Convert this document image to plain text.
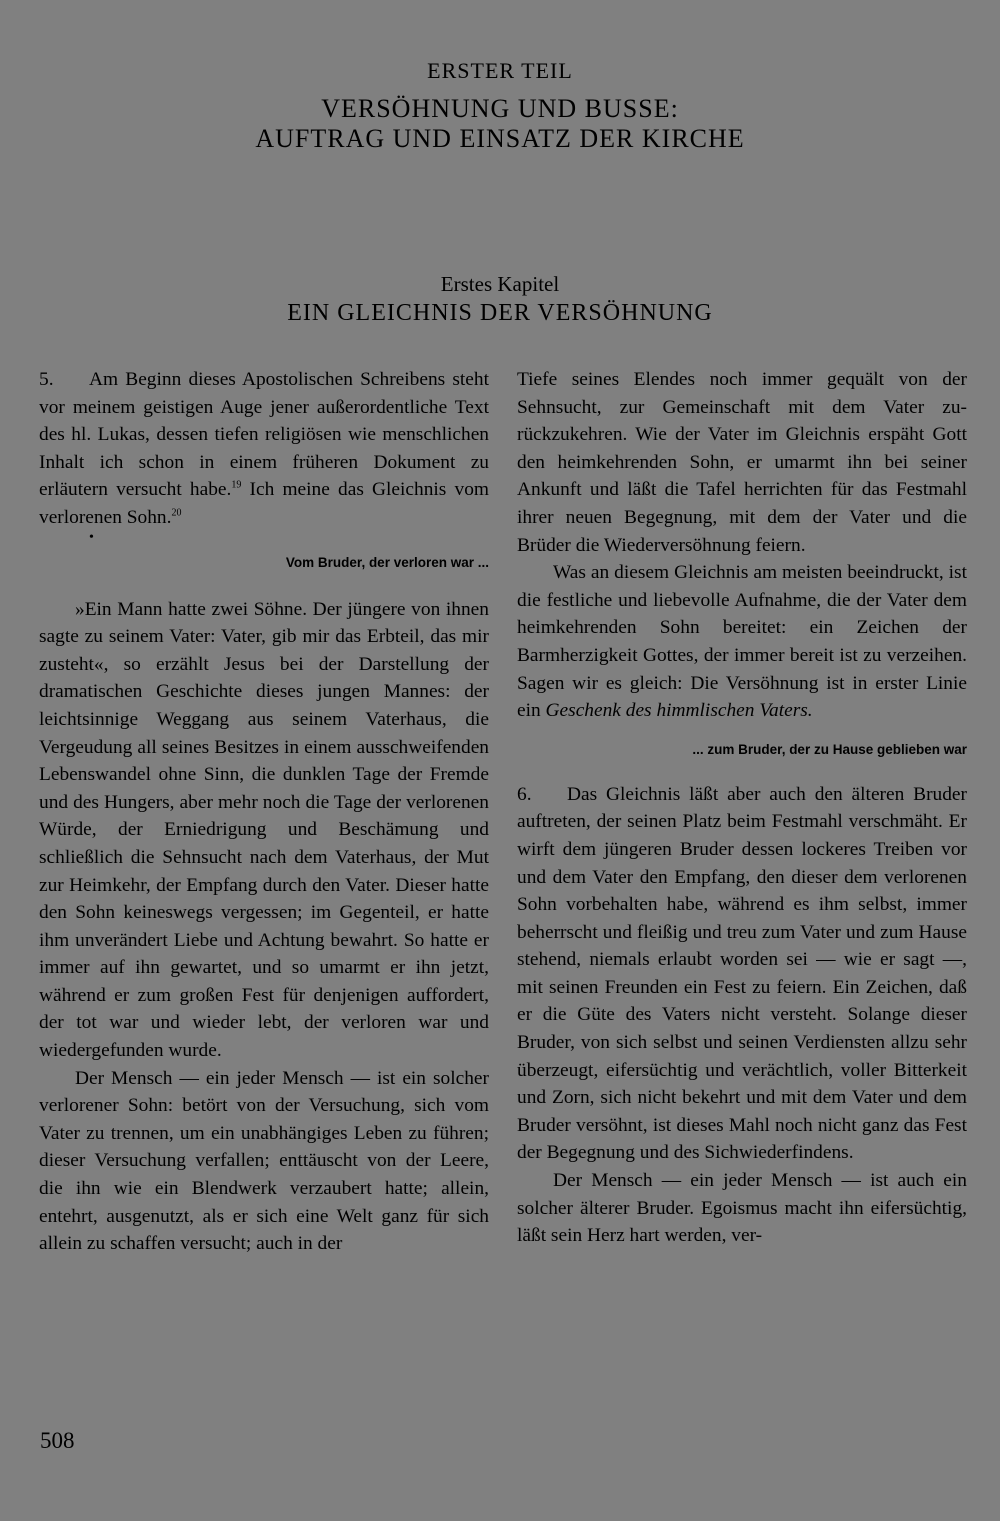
ERSTER TEIL
VERSÖHNUNG UND BUSSE:
AUFTRAG UND EINSATZ DER KIRCHE
Erstes Kapitel
EIN GLEICHNIS DER VERSÖHNUNG

5. Am Beginn dieses Apostolischen Schreibens steht vor meinem geistigen Auge jener außerordentliche Text des hl. Lukas, dessen tiefen religiösen wie menschlichen Inhalt ich schon in einem früheren Dokument zu erläutern versucht habe.$^{19}$ Ich meine das Gleichnis vom verlorenen Sohn.$^{20}$

•
Vom Bruder, der verloren war ...

»Ein Mann hatte zwei Söhne. Der jüngere von ihnen sagte zu seinem Vater: Vater, gib mir das Erbteil, das mir zusteht«, so erzählt Jesus bei der Darstellung der dramatischen Geschichte dieses jungen Mannes: der leichtsinnige Weggang aus seinem Vaterhaus, die Vergeudung all seines Besitzes in einem ausschweifenden Lebenswandel ohne Sinn, die dunklen Tage der Fremde und des Hungers, aber mehr noch die Tage der verlorenen Würde, der Erniedrigung und Beschämung und schließlich die Sehnsucht nach dem Vaterhaus, der Mut zur Heimkehr, der Empfang durch den Vater. Dieser hatte den Sohn keineswegs vergessen; im Gegenteil, er hatte ihm unverändert Liebe und Achtung bewahrt. So hatte er immer auf ihn gewartet, und so umarmt er ihn jetzt, während er zum großen Fest für denjenigen auffordert, der tot war und wieder lebt, der verloren war und wiedergefunden wurde.

Der Mensch — ein jeder Mensch — ist ein solcher verlorener Sohn: betört von der Versuchung, sich vom Vater zu trennen, um ein unabhängiges Leben zu führen; dieser Versuchung verfallen; enttäuscht von der Leere, die ihn wie ein Blendwerk verzaubert hatte; allein, entehrt, ausgenutzt, als er sich eine Welt ganz für sich allein zu schaffen versucht; auch in der

Tiefe seines Elendes noch immer gequält von der Sehnsucht, zur Gemeinschaft mit dem Vater zurückzukehren. Wie der Vater im Gleichnis erspäht Gott den heimkehrenden Sohn, er umarmt ihn bei seiner Ankunft und läßt die Tafel herrichten für das Festmahl ihrer neuen Begegnung, mit dem der Vater und die Brüder die Wiederversöhnung feiern.

Was an diesem Gleichnis am meisten beeindruckt, ist die festliche und liebevolle Aufnahme, die der Vater dem heimkehrenden Sohn bereitet: ein Zeichen der Barmherzigkeit Gottes, der immer bereit ist zu verzeihen. Sagen wir es gleich: Die Versöhnung ist in erster Linie ein Geschenk des himmlischen Vaters.

... zum Bruder, der zu Hause geblieben war

6. Das Gleichnis läßt aber auch den älteren Bruder auftreten, der seinen Platz beim Festmahl verschmäht. Er wirft dem jüngeren Bruder dessen lockeres Treiben vor und dem Vater den Empfang, den dieser dem verlorenen Sohn vorbehalten habe, während es ihm selbst, immer beherrscht und fleißig und treu zum Vater und zum Hause stehend, niemals erlaubt worden sei — wie er sagt —, mit seinen Freunden ein Fest zu feiern. Ein Zeichen, daß er die Güte des Vaters nicht versteht. Solange dieser Bruder, von sich selbst und seinen Verdiensten allzu sehr überzeugt, eifersüchtig und verächtlich, voller Bitterkeit und Zorn, sich nicht bekehrt und mit dem Vater und dem Bruder versöhnt, ist dieses Mahl noch nicht ganz das Fest der Begegnung und des Sichwiederfindens.

Der Mensch — ein jeder Mensch — ist auch ein solcher älterer Bruder. Egoismus macht ihn eifersüchtig, läßt sein Herz hart werden, ver-

508
